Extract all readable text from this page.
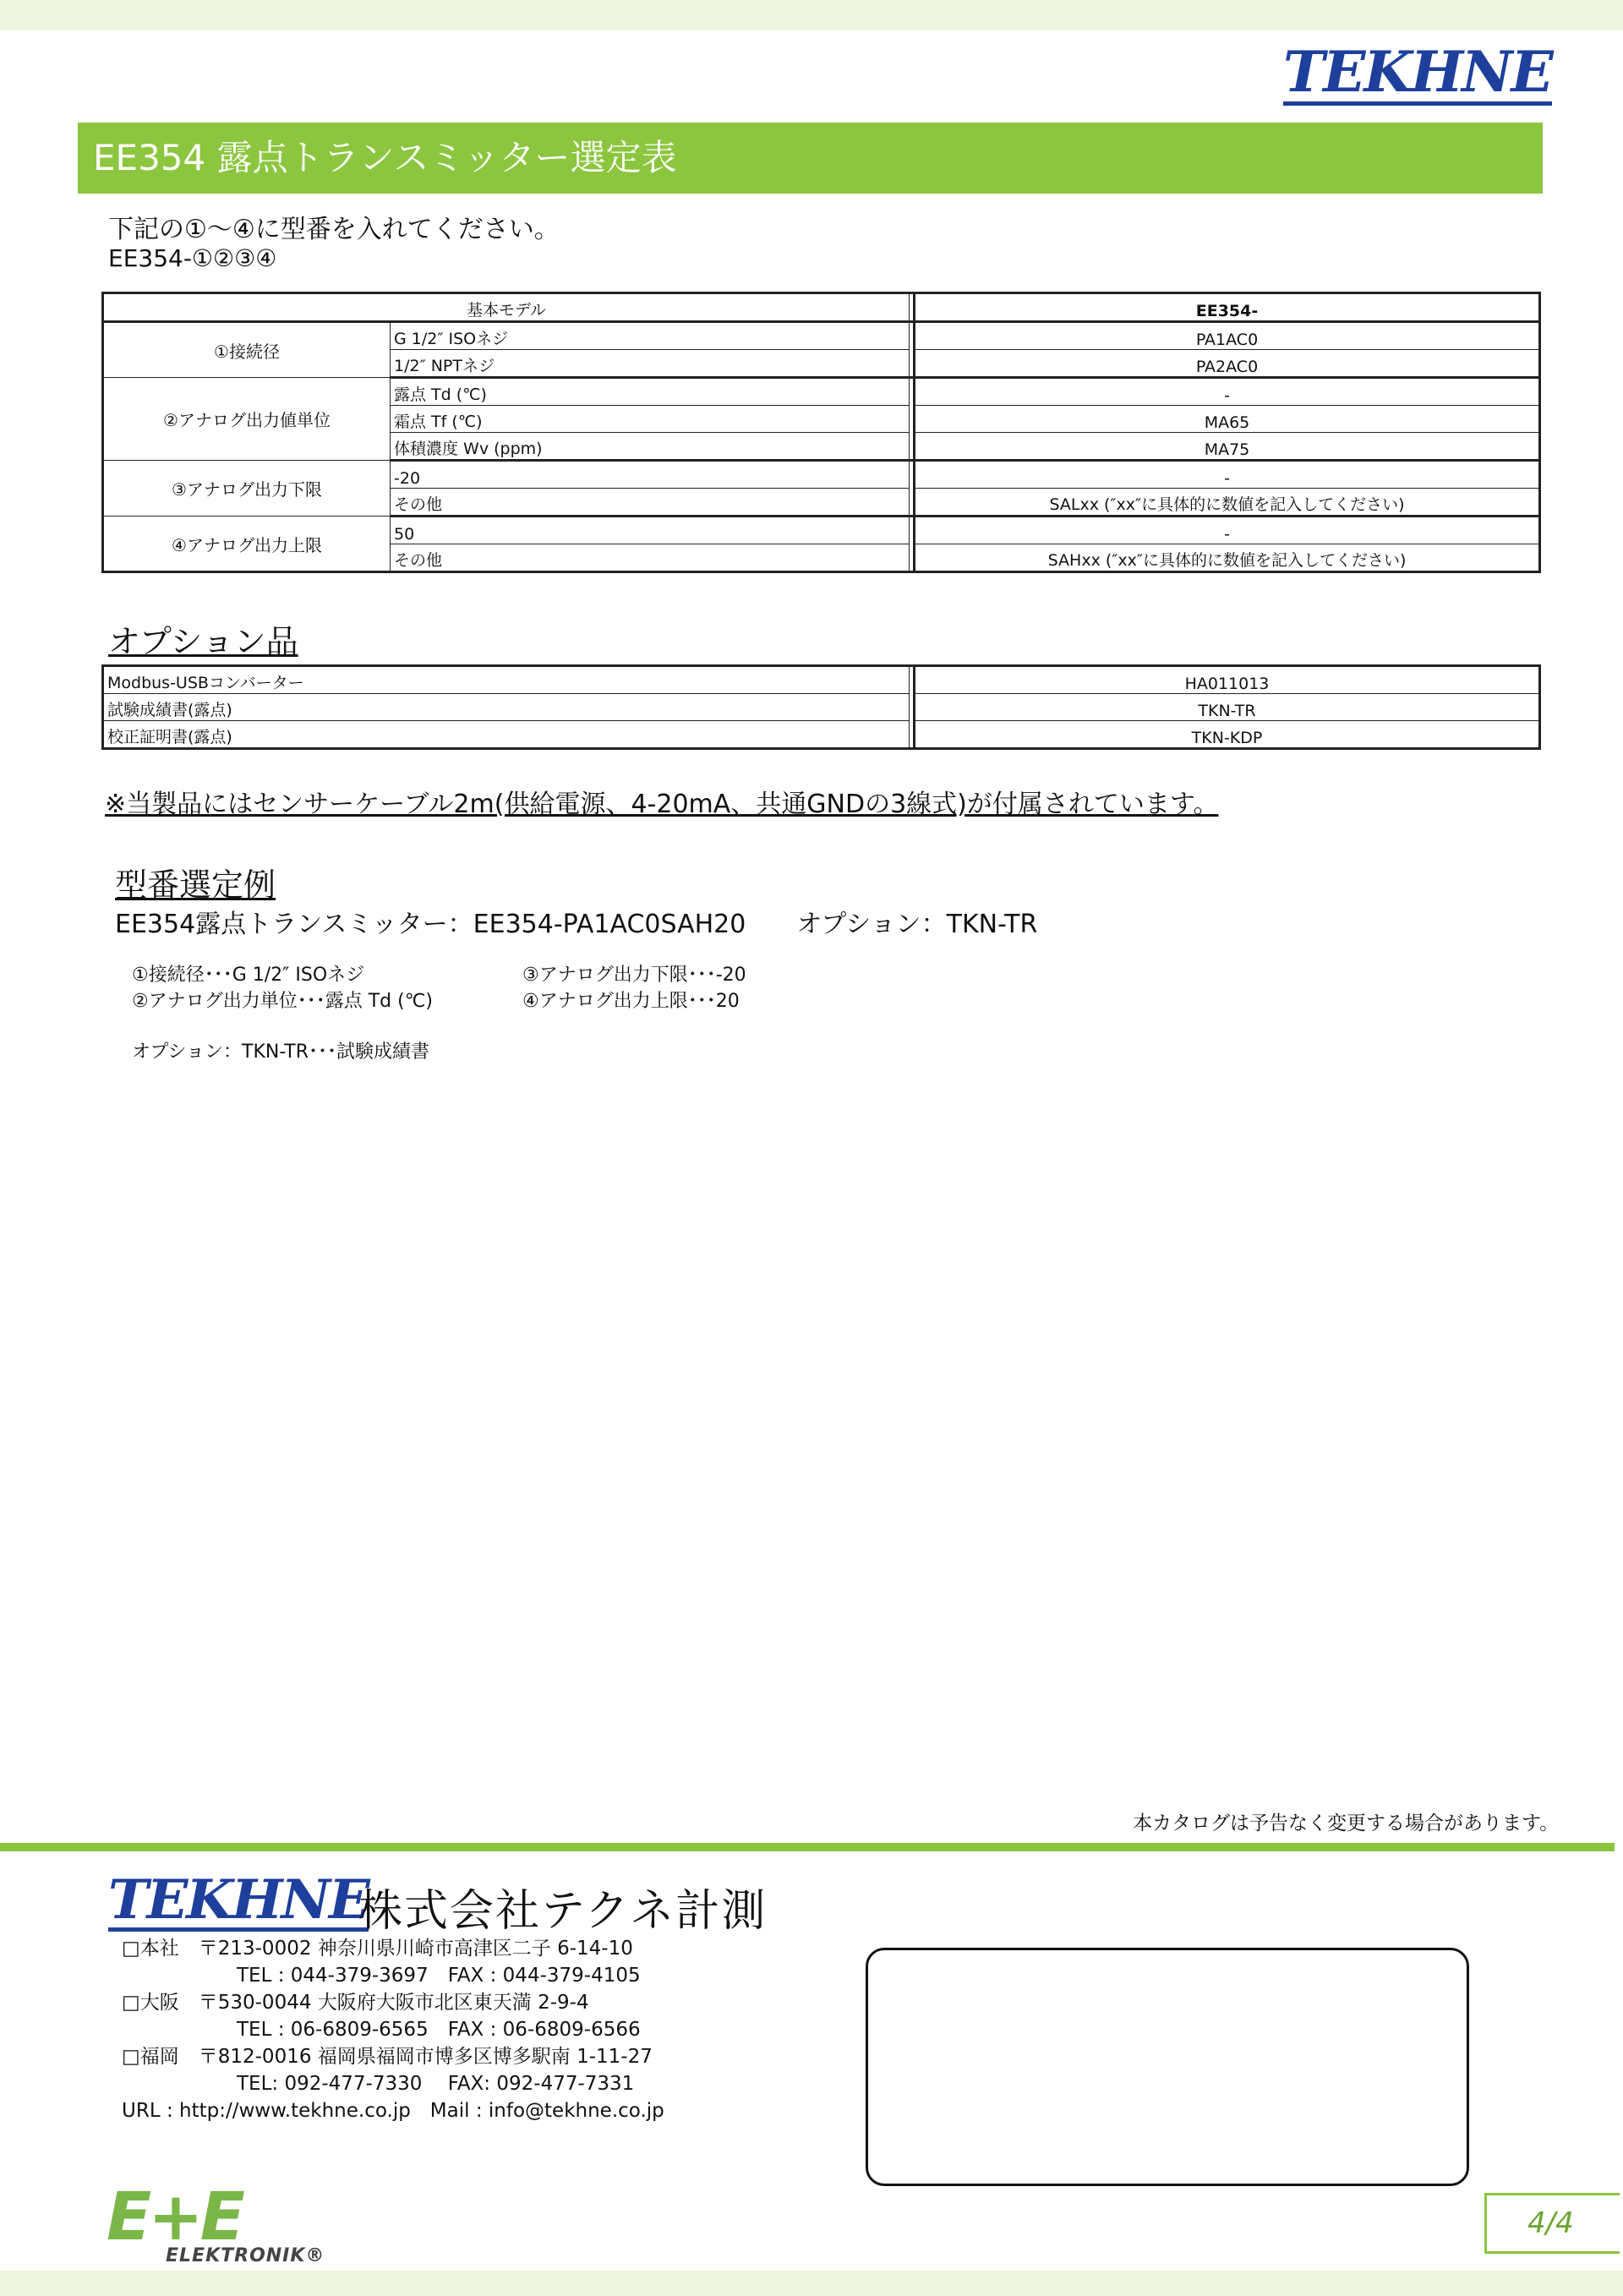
TEKHNE
EE354 露点トランスミッター選定表
下記の①～④に型番を入れてください。
EE354-①②③④
基本モデル			EE354-
①接続径	G 1/2″ ISOネジ		PA1AC0
	1/2″ NPTネジ		PA2AC0
②アナログ出力値単位	露点 Td (℃)		-
	霜点 Tf (℃)		MA65
	体積濃度 Wv (ppm)		MA75
③アナログ出力下限	-20		-
	その他		SALxx (″xx″に具体的に数値を記入してください)
④アナログ出力上限	50		-
	その他		SAHxx (″xx″に具体的に数値を記入してください)
オプション品
Modbus-USBコンバーター		HA011013
試験成績書(露点)		TKN-TR
校正証明書(露点)		TKN-KDP
※当製品にはセンサーケーブル2m(供給電源、4-20mA、共通GNDの3線式)が付属されています。
型番選定例
EE354露点トランスミッター：EE354-PA1AC0SAH20　　オプション：TKN-TR
①接続径･･･G 1/2″ ISOネジ
②アナログ出力単位･･･露点 Td (℃)
③アナログ出力下限･･･-20
④アナログ出力上限･･･20
オプション：TKN-TR･･･試験成績書
本カタログは予告なく変更する場合があります。
TEKHNE
株式会社テクネ計測
□本社　〒213-0002 神奈川県川崎市高津区二子 6-14-10
TEL : 044-379-3697　FAX : 044-379-4105
□大阪　〒530-0044 大阪府大阪市北区東天満 2-9-4
TEL : 06-6809-6565　FAX : 06-6809-6566
□福岡　〒812-0016 福岡県福岡市博多区博多駅南 1-11-27
TEL: 092-477-7330　 FAX: 092-477-7331
URL : http://www.tekhne.co.jp　Mail : info@tekhne.co.jp
E+E
ELEKTRONIK®
4/4
